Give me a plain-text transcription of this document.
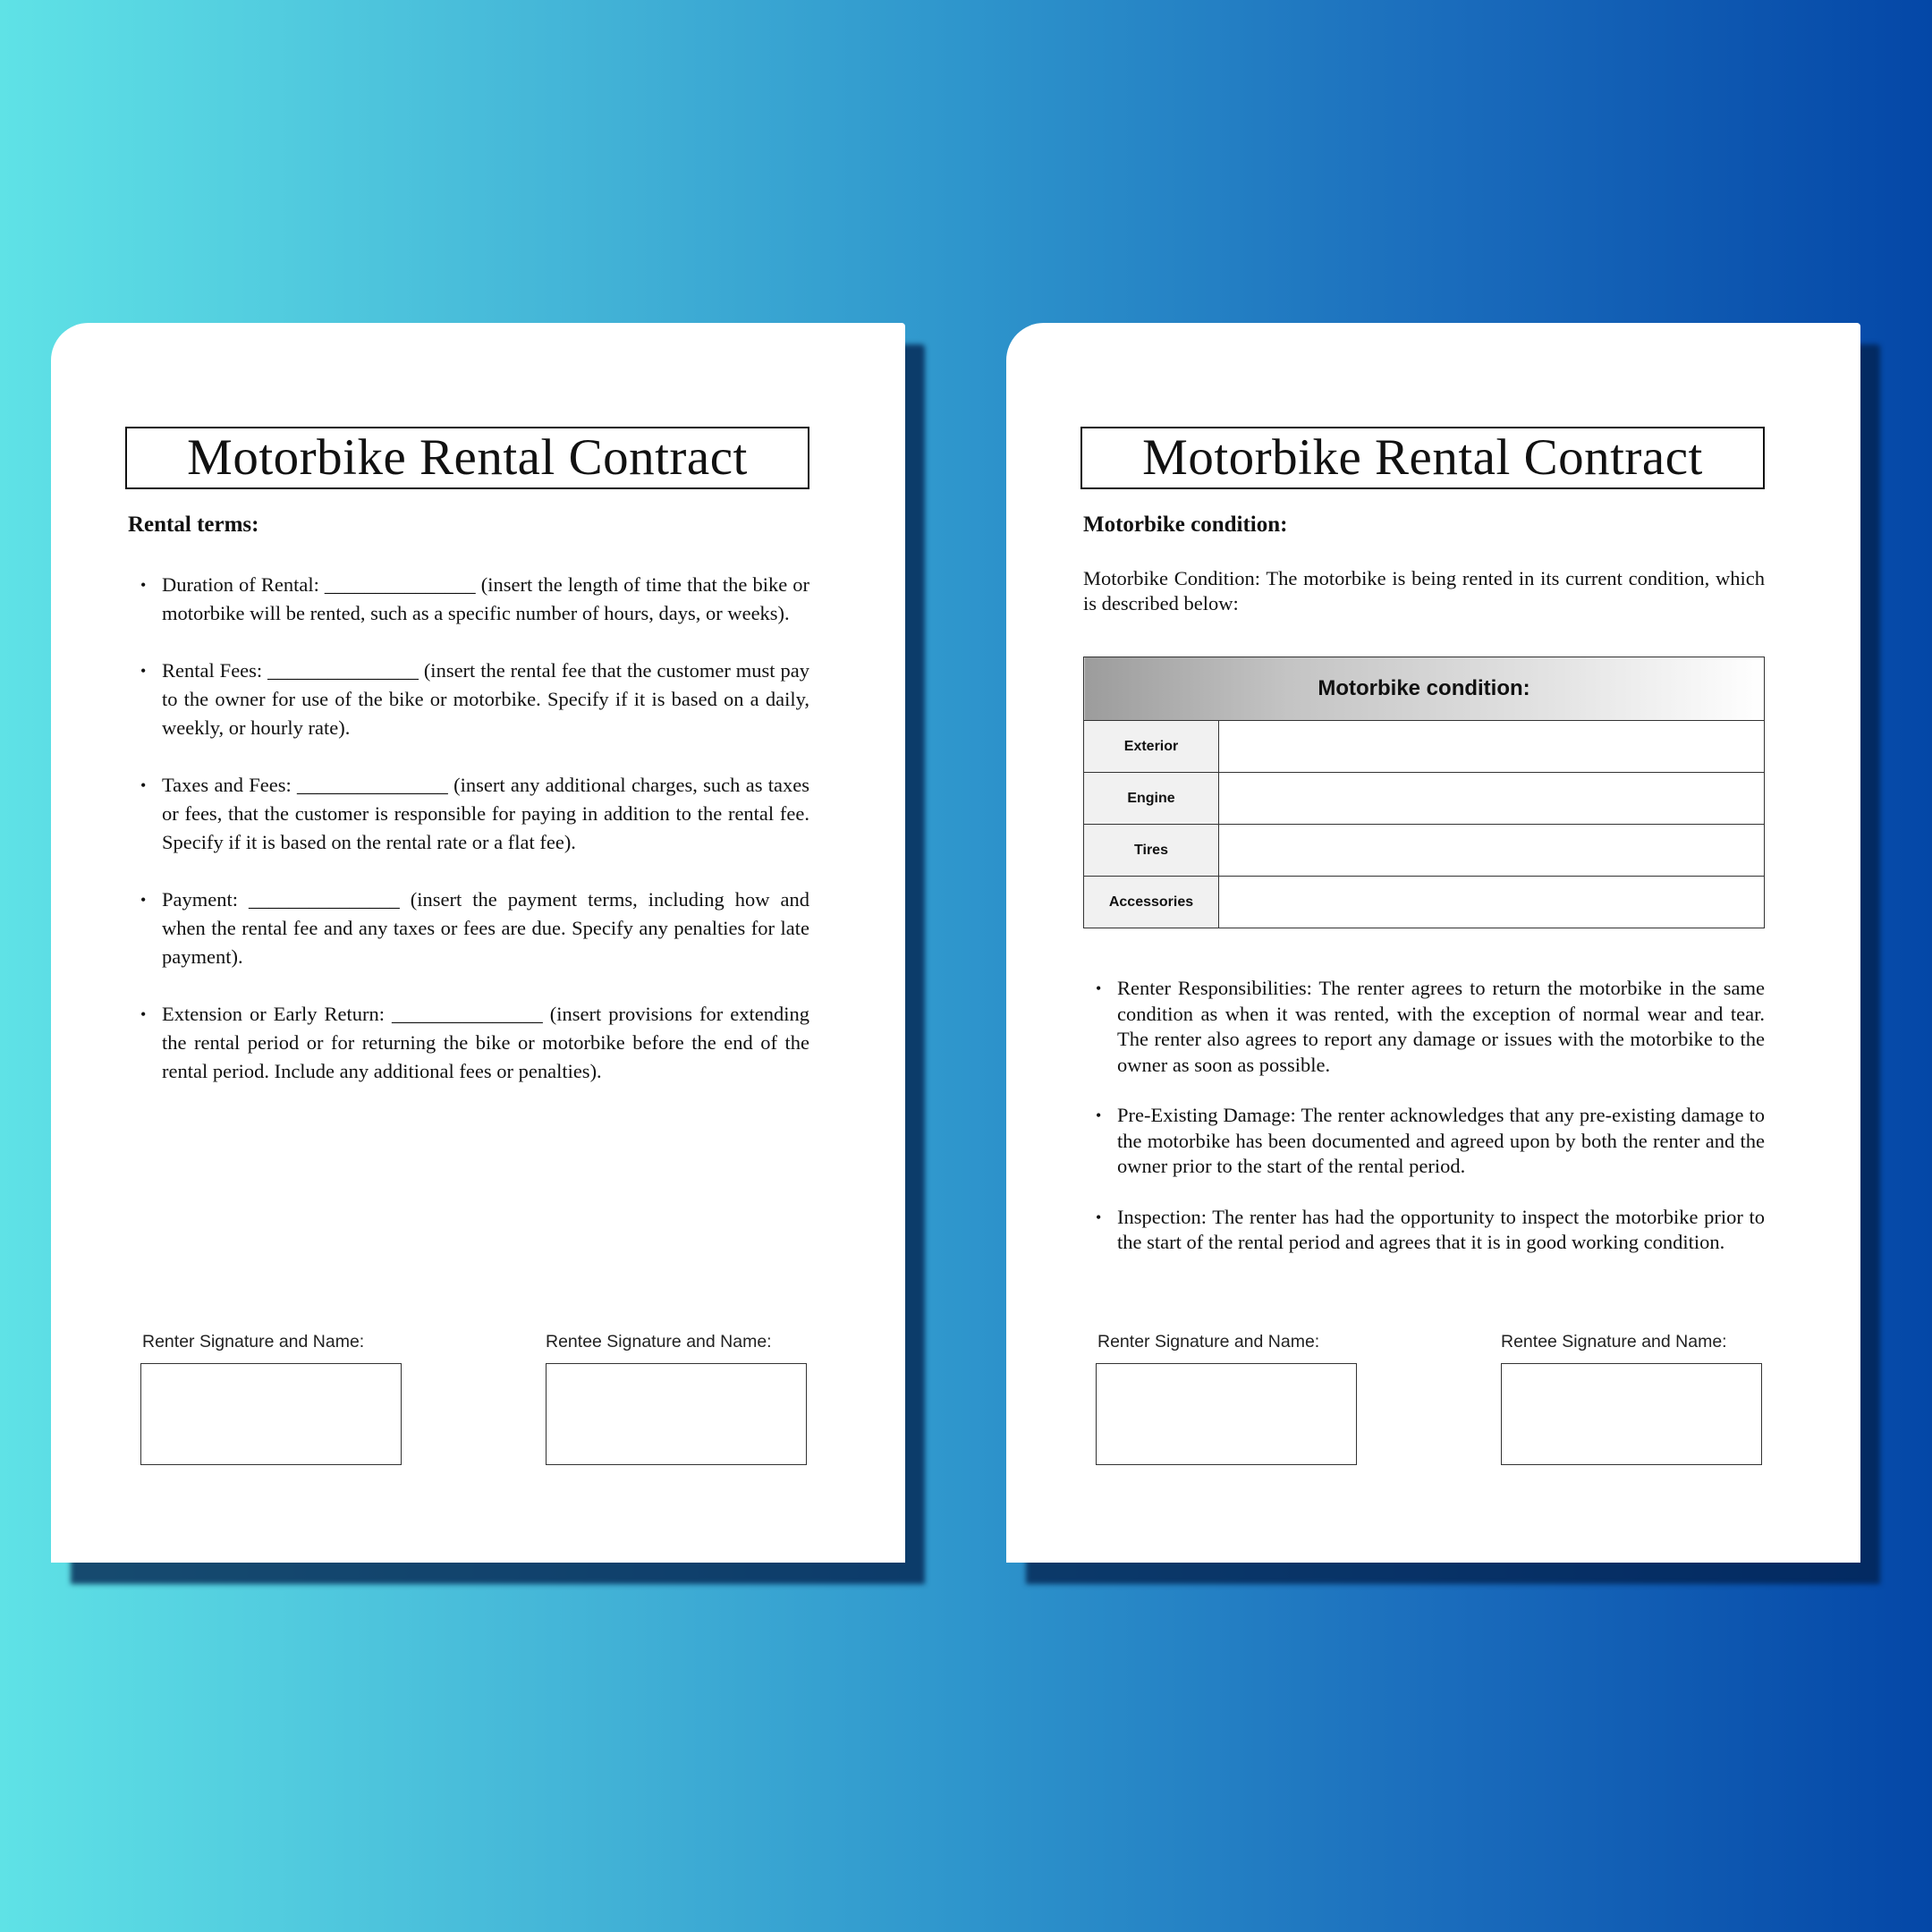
Motorbike Rental Contract
Rental terms:
• Duration of Rental: _______________ (insert the length of time that the bike or motorbike will be rented, such as a specific number of hours, days, or weeks).
• Rental Fees: _______________ (insert the rental fee that the customer must pay to the owner for use of the bike or motorbike. Specify if it is based on a daily, weekly, or hourly rate).
• Taxes and Fees: _______________ (insert any additional charges, such as taxes or fees, that the customer is responsible for paying in addition to the rental fee. Specify if it is based on the rental rate or a flat fee).
• Payment: _______________ (insert the payment terms, including how and when the rental fee and any taxes or fees are due. Specify any penalties for late payment).
• Extension or Early Return: _______________ (insert provisions for extending the rental period or for returning the bike or motorbike before the end of the rental period. Include any additional fees or penalties).
Renter Signature and Name:	Rentee Signature and Name:
Motorbike Rental Contract
Motorbike condition:
Motorbike Condition: The motorbike is being rented in its current condition, which is described below:
Motorbike condition:	
Exterior	
Engine	
Tires	
Accessories	
• Renter Responsibilities: The renter agrees to return the motorbike in the same condition as when it was rented, with the exception of normal wear and tear. The renter also agrees to report any damage or issues with the motorbike to the owner as soon as possible.
• Pre-Existing Damage: The renter acknowledges that any pre-existing damage to the motorbike has been documented and agreed upon by both the renter and the owner prior to the start of the rental period.
• Inspection: The renter has had the opportunity to inspect the motorbike prior to the start of the rental period and agrees that it is in good working condition.
Renter Signature and Name:	Rentee Signature and Name:
